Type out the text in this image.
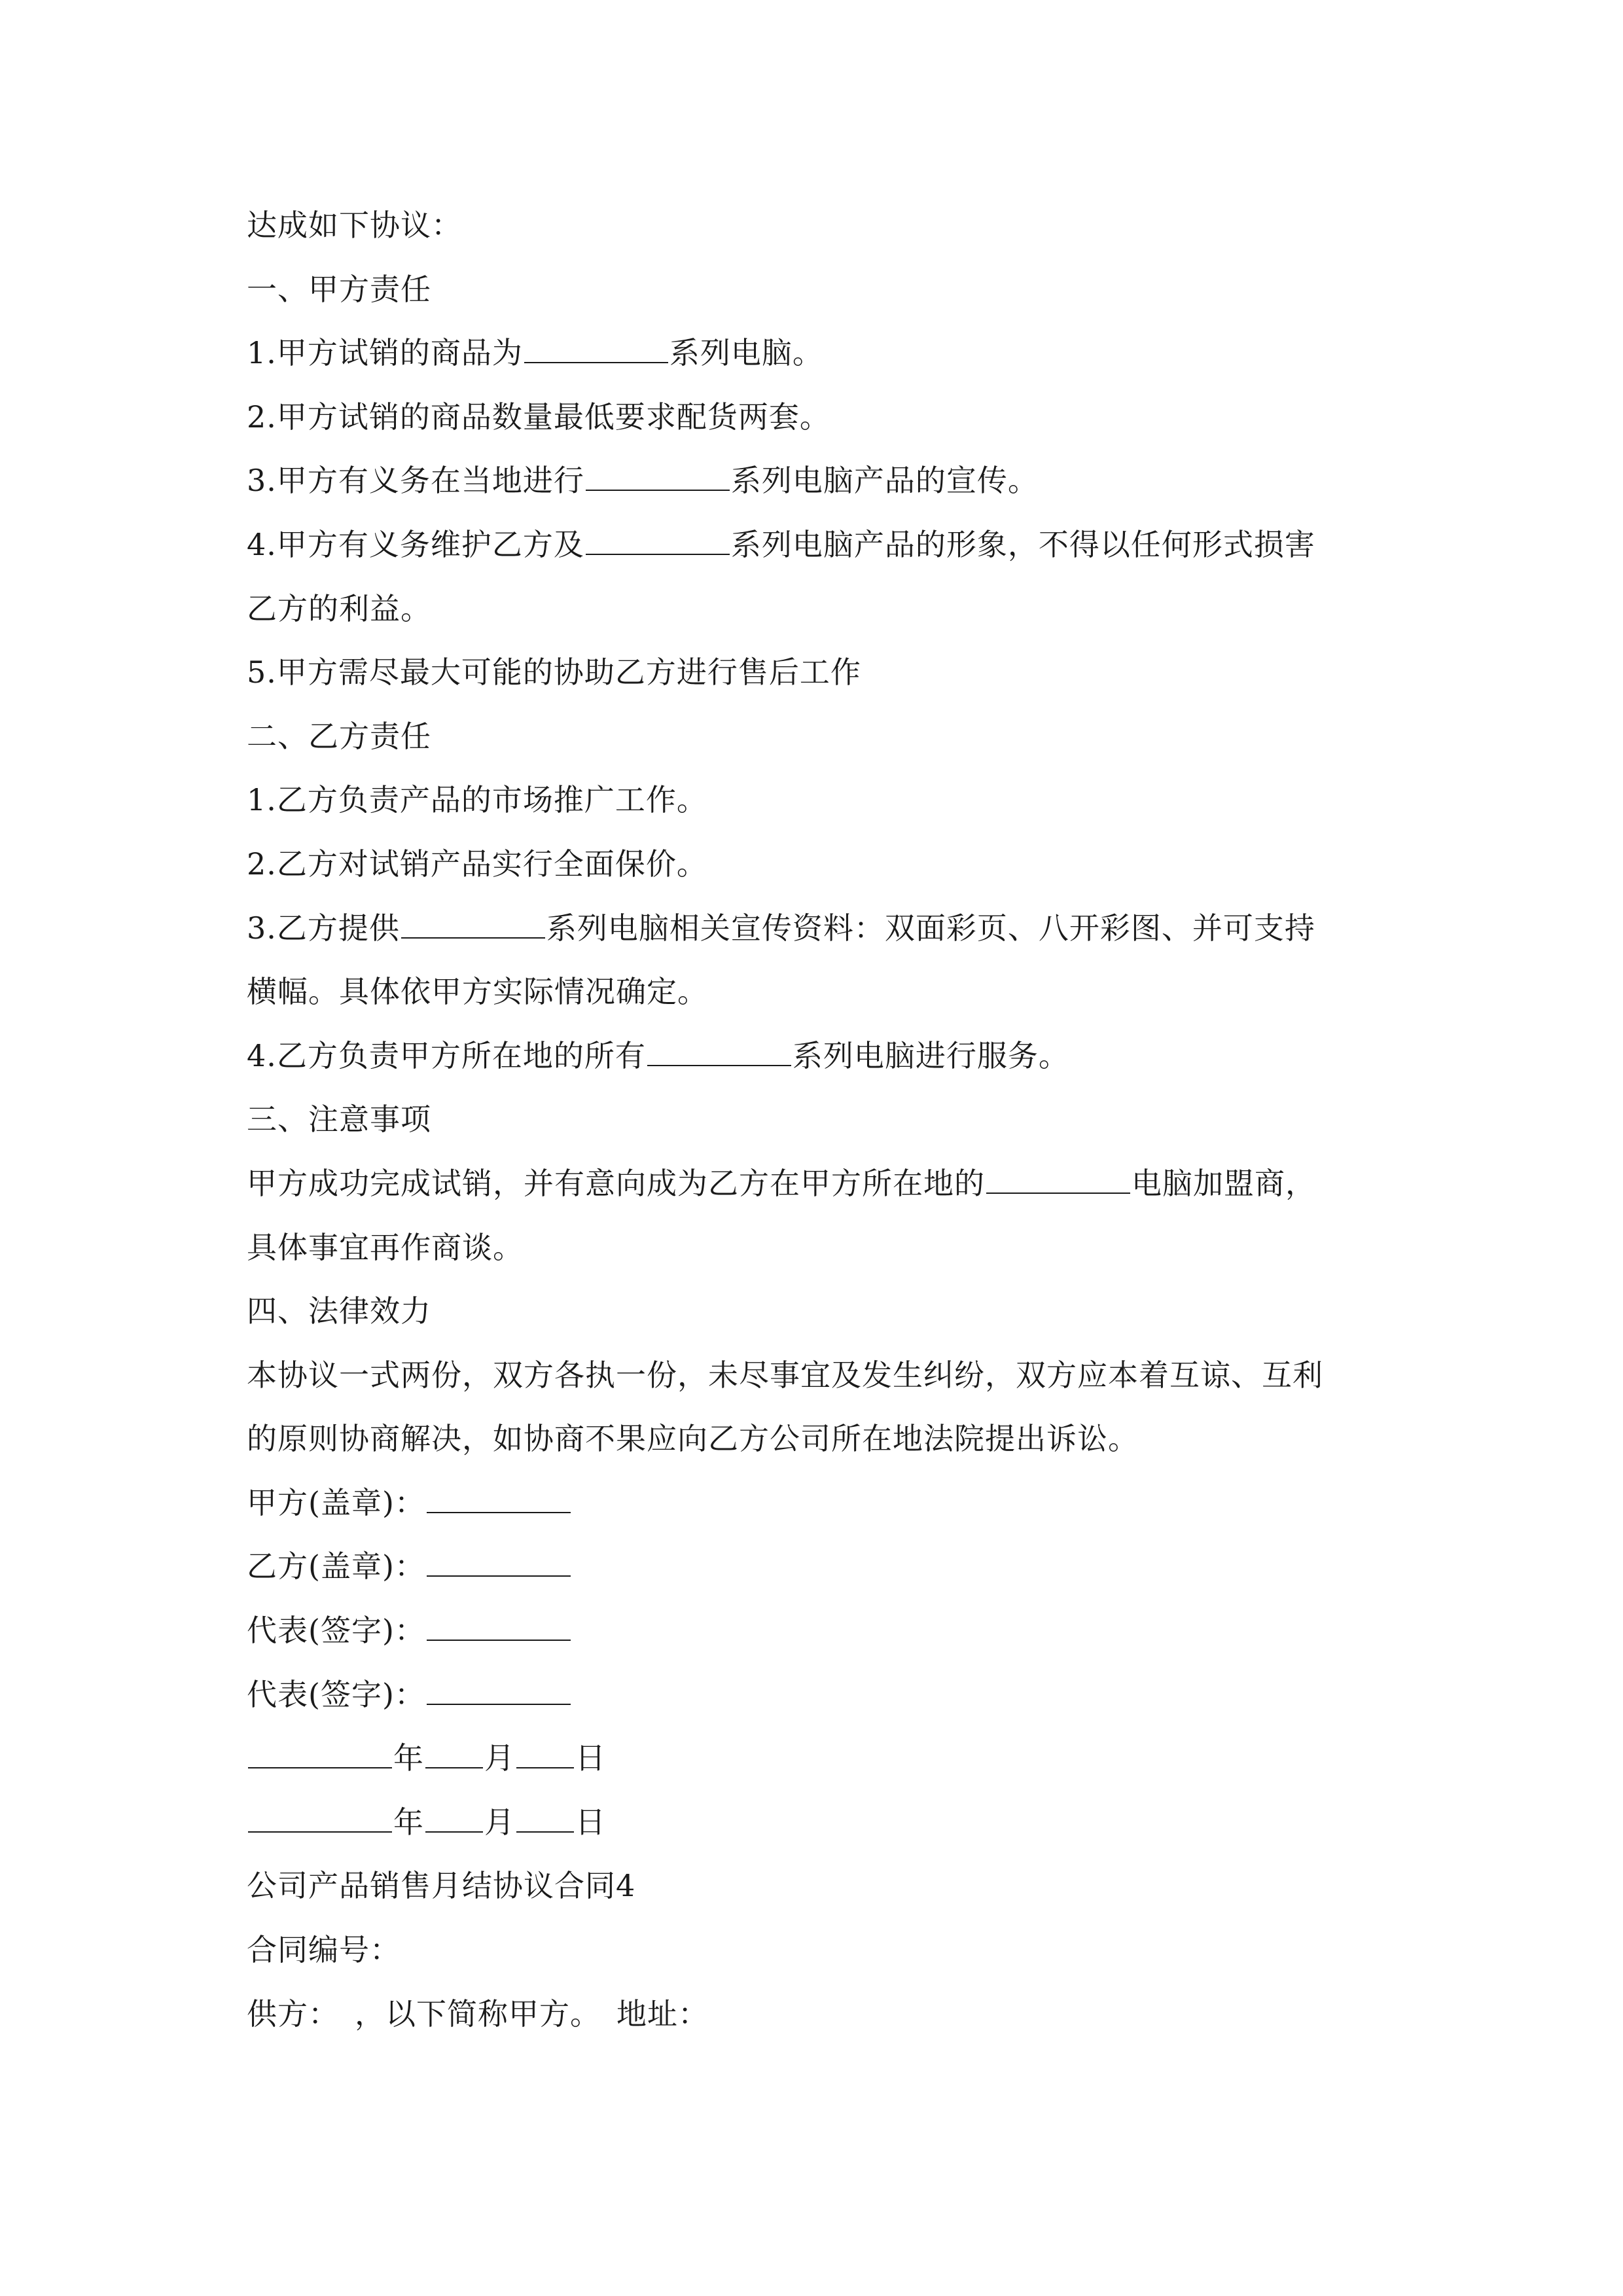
达成如下协议：
一、甲方责任
1.甲方试销的商品为	系列电脑。
2.甲方试销的商品数量最低要求配货两套。
3.甲方有义务在当地进行	系列电脑产品的宣传。
4.甲方有义务维护乙方及	系列电脑产品的形象，不得以任何形式损害
乙方的利益。
5.甲方需尽最大可能的协助乙方进行售后工作
二、乙方责任
1.乙方负责产品的市场推广工作。
2.乙方对试销产品实行全面保价。
3.乙方提供	系列电脑相关宣传资料：双面彩页、八开彩图、并可支持
横幅。具体依甲方实际情况确定。
4.乙方负责甲方所在地的所有	系列电脑进行服务。
三、注意事项
甲方成功完成试销，并有意向成为乙方在甲方所在地的	电脑加盟商，
具体事宜再作商谈。
四、法律效力
本协议一式两份，双方各执一份，未尽事宜及发生纠纷，双方应本着互谅、互利
的原则协商解决，如协商不果应向乙方公司所在地法院提出诉讼。
甲方(盖章)：
乙方(盖章)：
代表(签字)：
代表(签字)：
年 月 日
年 月 日
公司产品销售月结协议合同4
合同编号：
供方：　，以下简称甲方。　地址：
